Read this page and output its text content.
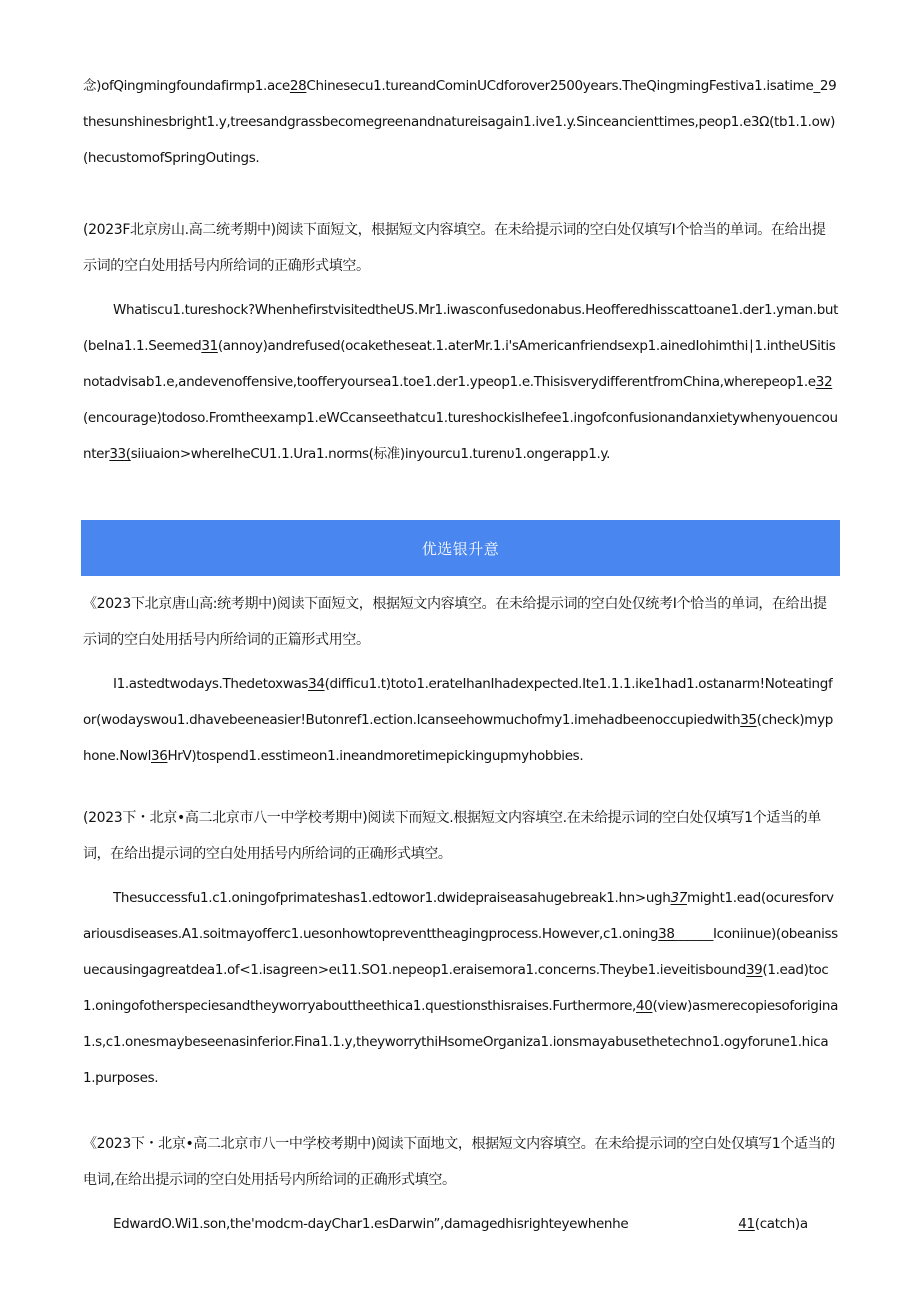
念)ofQingmingfoundafirmp1.ace28Chinesecu1.tureandCominUCdforover2500years.TheQingmingFestiva1.isatime_29thesunshinesbright1.y,treesandgrassbecomegreenandnatureisagain1.ive1.y.Sinceancienttimes,peop1.e3Ω(tb1.1.ow)(hecustomofSpringOutings.

(2023F北京房山.高二统考期中)阅读下面短文，根据短文内容填空。在未给提示词的空白处仅填写I个恰当的单词。在给出提示词的空白处用括号内所给词的正确形式填空。

Whatiscu1.tureshock?WhenhefirstvisitedtheUS.Mr1.iwasconfusedonabus.Heofferedhisscattoane1.der1.yman.but(beIna1.1.Seemed31(annoy)andrefused(ocaketheseat.1.aterMr.1.i'sAmericanfriendsexp1.ainedIohimthi∣1.intheUSitisnotadvisab1.e,andevenoffensive,toofferyoursea1.toe1.der1.ypeop1.e.ThisisverydifferentfromChina,wherepeop1.e32(encourage)todoso.Fromtheexamp1.eWCcanseethatcu1.tureshockisIhefee1.ingofconfusionandanxietywhenyouencounter33(siiuaion>whereIheCU1.1.Ura1.norms(标准)inyourcu1.turenυ1.ongerapp1.y.

优选银升意
《2023下北京唐山高:统考期中)阅读下面短文，根据短文内容填空。在未给提示词的空白处仅统考I个恰当的单词，在给出提示词的空白处用括号内所给词的正篇形式用空。

I1.astedtwodays.Thedetoxwas34(difficu1.t)toto1.erateIhanIhadexpected.Ite1.1.1.ike1had1.ostanarm!Noteatingfor(wodayswou1.dhavebeeneasier!Butonref1.ection.Icanseehowmuchofmy1.imehadbeenoccupiedwith35(check)myphone.Nowl36HrV)tospend1.esstimeon1.ineandmoretimepickingupmyhobbies.

(2023下・北京•高二北京市八一中学校考期中)阅读下而短文.根据短文内容填空.在未给提示词的空白处仅填写1个适当的单词，在给出提示词的空白处用括号内所给词的正确形式填空。

Thesuccessfu1.c1.oningofprimateshas1.edtowor1.dwidepraiseasahugebreak1.hn>ugh37might1.ead(ocuresforvariousdiseases.A1.soitmayofferc1.uesonhowtopreventtheagingprocess.However,c1.oning38______Iconiinue)(obeanissuecausingagreatdea1.of<1.isagreen>eι11.SO1.nepeop1.eraisemora1.concerns.Theybe1.ieveitisbound39(1.ead)toc1.oningofotherspeciesandtheyworryabouttheethica1.questionsthisraises.Furthermore,40(view)asmerecopiesoforigina1.s,c1.onesmaybeseenasinferior.Fina1.1.y,theyworrythiHsomeOrganiza1.ionsmayabusethetechno1.ogyforune1.hica1.purposes.

《2023下・北京•高二北京市八一中学校考期中)阅读下面地文，根据短文内容填空。在未给提示词的空白处仅填写1个适当的电词,在给出提示词的空白处用括号内所给词的正确形式填空。

EdwardO.Wi1.son,the'modcm-dayChar1.esDarwin”,damagedhisrighteyewhenhe	41(catch)a
